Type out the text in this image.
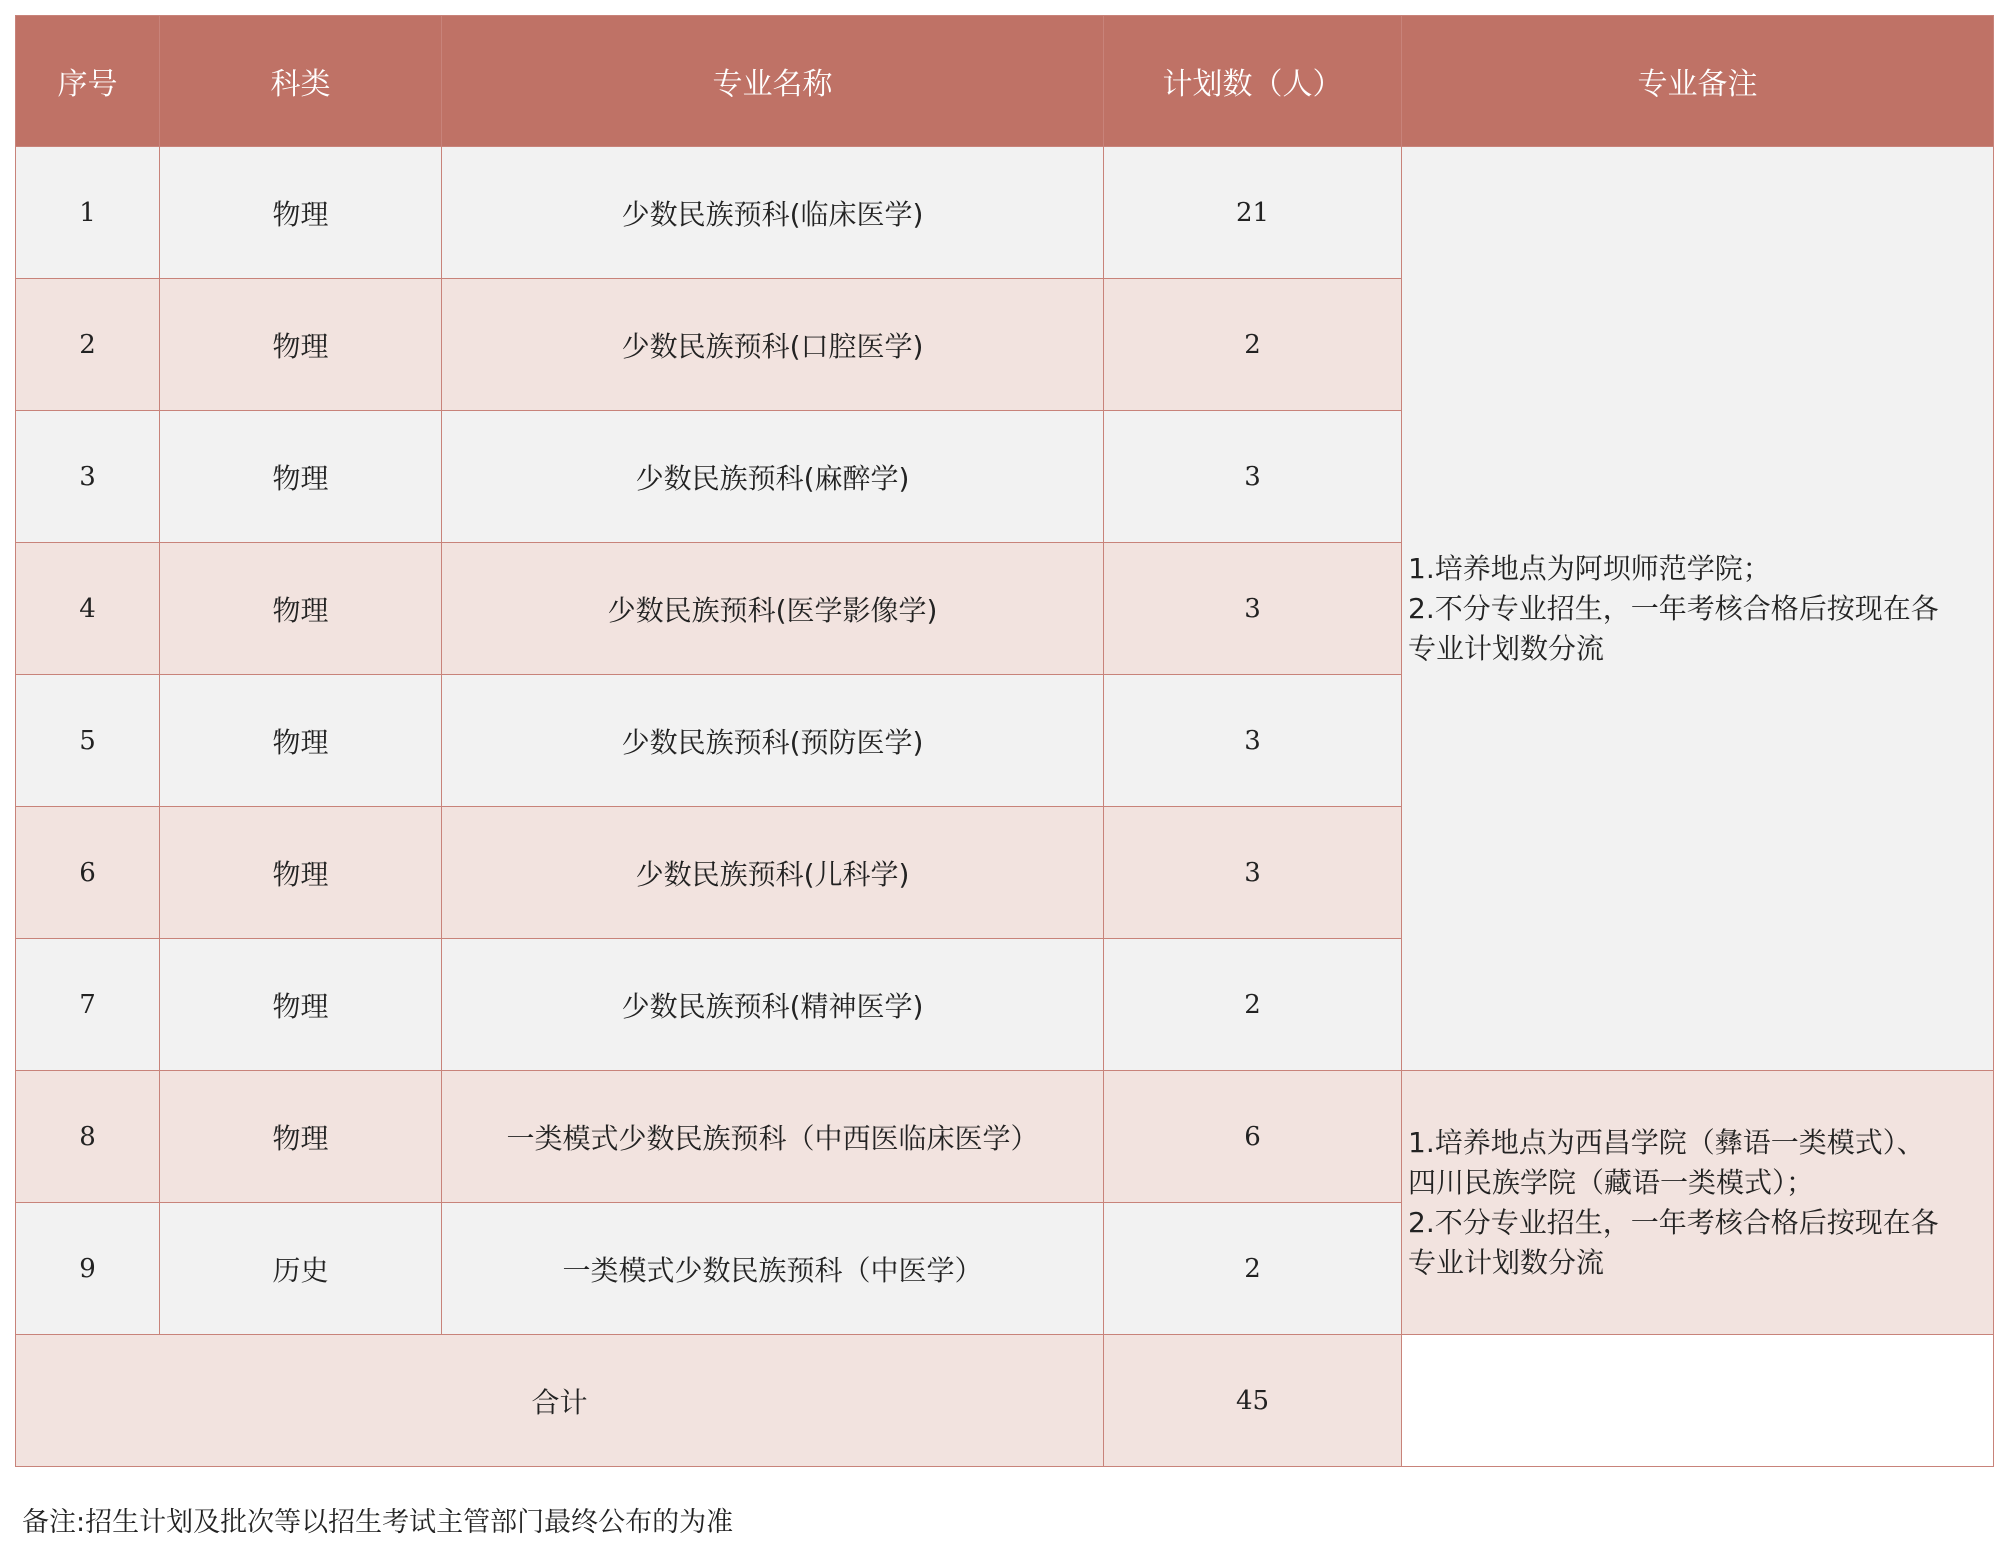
序号	科类	专业名称	计划数（人）	专业备注
1	物理	少数民族预科(临床医学)	21	1.培养地点为阿坝师范学院；
2.不分专业招生，一年考核合格后按现在各
专业计划数分流

2	物理	少数民族预科(口腔医学)	2	
3	物理	少数民族预科(麻醉学)	3	
4	物理	少数民族预科(医学影像学)	3	
5	物理	少数民族预科(预防医学)	3	
6	物理	少数民族预科(儿科学)	3	
7	物理	少数民族预科(精神医学)	2	
8	物理	一类模式少数民族预科（中西医临床医学）	6	1.培养地点为西昌学院（彝语一类模式）、
四川民族学院（藏语一类模式）；
2.不分专业招生，一年考核合格后按现在各
专业计划数分流

9	历史	一类模式少数民族预科（中医学）	2	
合计			45	
备注:招生计划及批次等以招生考试主管部门最终公布的为准
